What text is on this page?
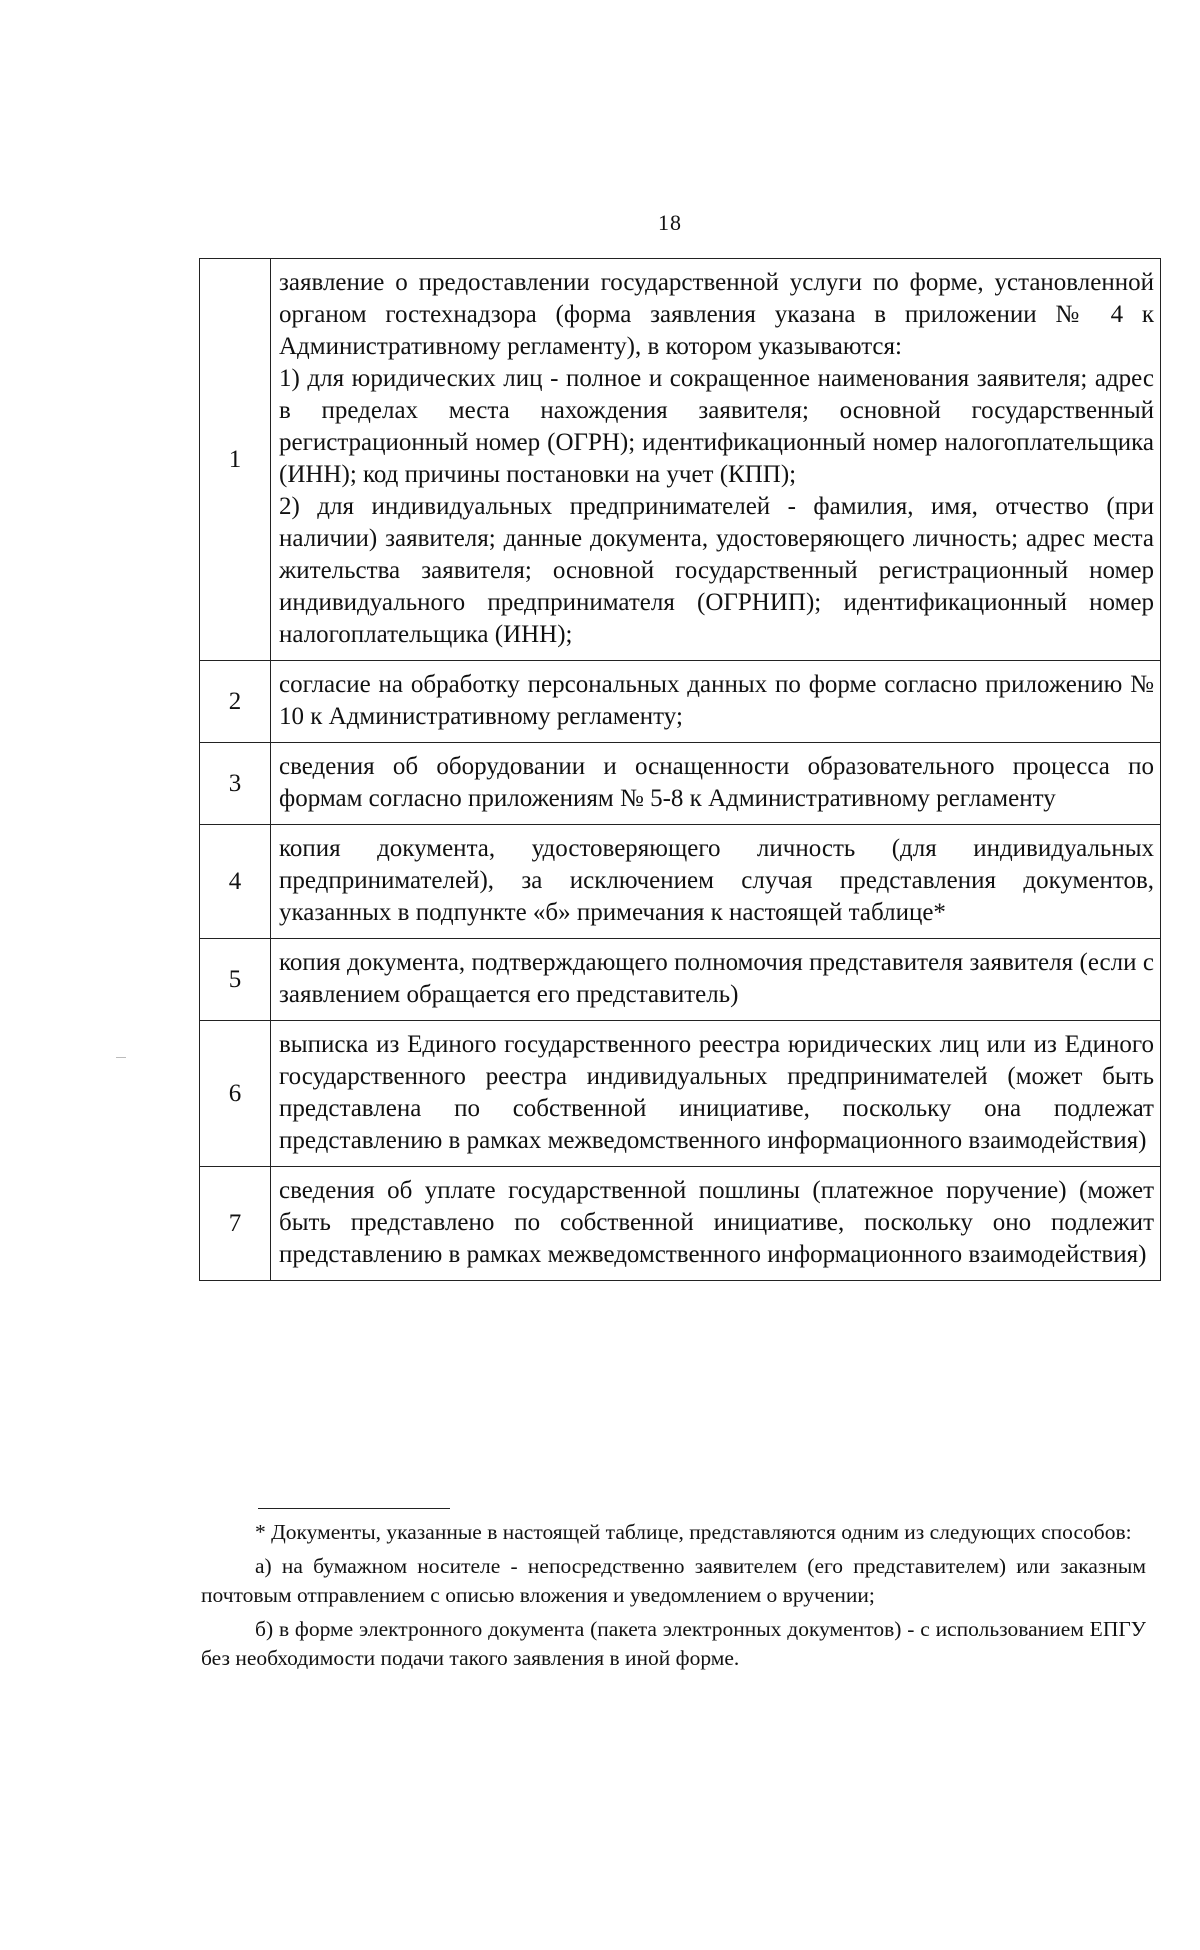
18
1	заявление о предоставлении государственной услуги по форме, установленной органом гостехнадзора (форма заявления указана в приложении № 4 к Административному регламенту), в котором указываются:
1) для юридических лиц - полное и сокращенное наименования заявителя; адрес в пределах места нахождения заявителя; основной государственный регистрационный номер (ОГРН); идентификационный номер налогоплательщика (ИНН); код причины постановки на учет (КПП);
2) для индивидуальных предпринимателей - фамилия, имя, отчество (при наличии) заявителя; данные документа, удостоверяющего личность; адрес места жительства заявителя; основной государственный регистрационный номер индивидуального предпринимателя (ОГРНИП); идентификационный номер налогоплательщика (ИНН);

2	согласие на обработку персональных данных по форме согласно приложению № 10 к Административному регламенту;

3	сведения об оборудовании и оснащенности образовательного процесса по формам согласно приложениям № 5-8 к Административному регламенту

4	копия документа, удостоверяющего личность (для индивидуальных предпринимателей), за исключением случая представления документов, указанных в подпункте «б» примечания к настоящей таблице*

5	копия документа, подтверждающего полномочия представителя заявителя (если с заявлением обращается его представитель)

6	выписка из Единого государственного реестра юридических лиц или из Единого государственного реестра индивидуальных предпринимателей (может быть представлена по собственной инициативе, поскольку она подлежат представлению в рамках межведомственного информационного взаимодействия)

7	сведения об уплате государственной пошлины (платежное поручение) (может быть представлено по собственной инициативе, поскольку оно подлежит представлению в рамках межведомственного информационного взаимодействия)

* Документы, указанные в настоящей таблице, представляются одним из следующих способов:

а) на бумажном носителе - непосредственно заявителем (его представителем) или заказным почтовым отправлением с описью вложения и уведомлением о вручении;

б) в форме электронного документа (пакета электронных документов) - с использованием ЕПГУ без необходимости подачи такого заявления в иной форме.
